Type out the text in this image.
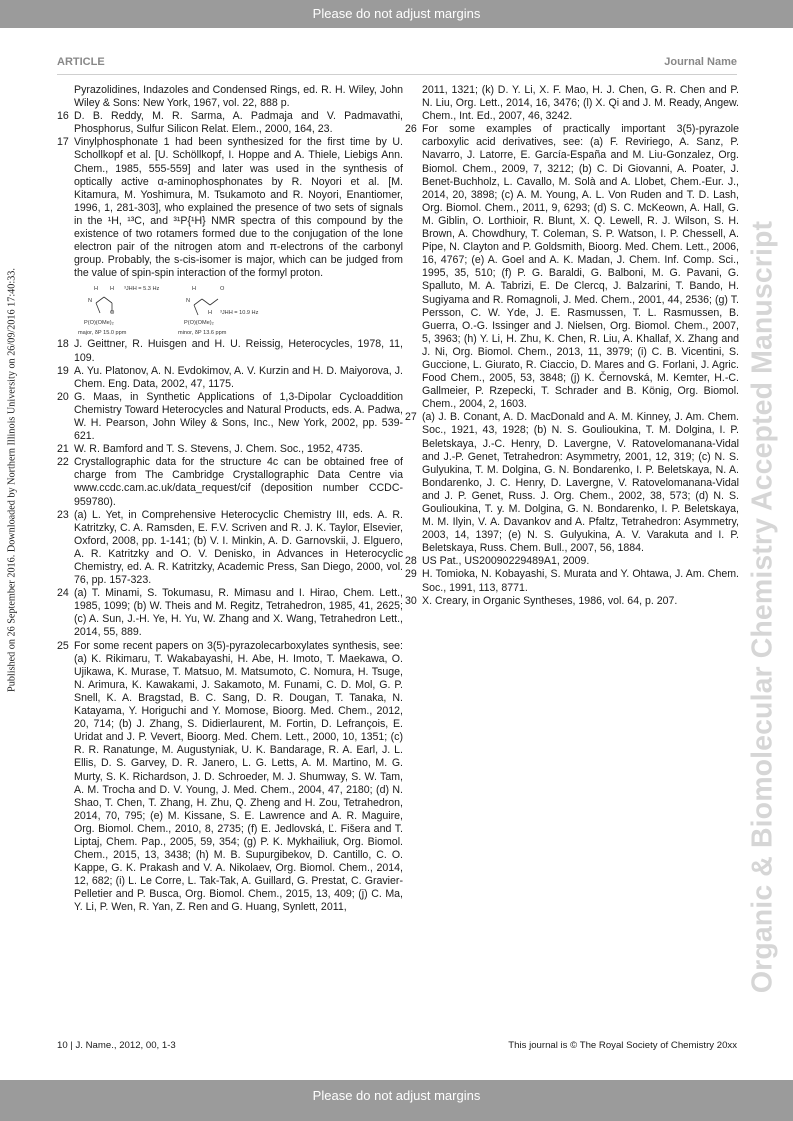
Please do not adjust margins
ARTICLE	Journal Name
Published on 26 September 2016. Downloaded by Northern Illinois University on 26/09/2016 17:40:33.	Organic & Biomolecular Chemistry Accepted Manuscript
Pyrazolidines, Indazoles and Condensed Rings, ed. R. H. Wiley, John Wiley & Sons: New York, 1967, vol. 22, 888 p.
16 D. B. Reddy, M. R. Sarma, A. Padmaja and V. Padmavathi, Phosphorus, Sulfur Silicon Relat. Elem., 2000, 164, 23.
17 Vinylphosphonate 1 had been synthesized for the first time by U. Schollkopf et al. [U. Schöllkopf, I. Hoppe and A. Thiele, Liebigs Ann. Chem., 1985, 555-559] and later was used in the synthesis of optically active α-aminophosphonates by R. Noyori et al. [M. Kitamura, M. Yoshimura, M. Tsukamoto and R. Noyori, Enantiomer, 1996, 1, 281-303], who explained the presence of two sets of signals in the ¹H, ¹³C, and ³¹P{¹H} NMR spectra of this compound by the existence of two rotamers formed due to the conjugation of the lone electron pair of the nitrogen atom and π-electrons of the carbonyl group. Probably, the s-cis-isomer is major, which can be judged from the value of spin-spin interaction of the formyl proton.
H H ³JHH = 5.3 Hz
N
O
P(O)(OMe)₂
major, δP 15.0 ppm
H	O
N
H ³JHH = 10.9 Hz
P(O)(OMe)₂
minor, δP 13.6 ppm
18 J. Geittner, R. Huisgen and H. U. Reissig, Heterocycles, 1978, 11, 109.
19 A. Yu. Platonov, A. N. Evdokimov, A. V. Kurzin and H. D. Maiyorova, J. Chem. Eng. Data, 2002, 47, 1175.
20 G. Maas, in Synthetic Applications of 1,3-Dipolar Cycloaddition Chemistry Toward Heterocycles and Natural Products, eds. A. Padwa, W. H. Pearson, John Wiley & Sons, Inc., New York, 2002, pp. 539-621.
21 W. R. Bamford and T. S. Stevens, J. Chem. Soc., 1952, 4735.
22 Crystallographic data for the structure 4c can be obtained free of charge from The Cambridge Crystallographic Data Centre via www.ccdc.cam.ac.uk/data_request/cif (deposition number CCDC-959780).
23 (a) L. Yet, in Comprehensive Heterocyclic Chemistry III, eds. A. R. Katritzky, C. A. Ramsden, E. F.V. Scriven and R. J. K. Taylor, Elsevier, Oxford, 2008, pp. 1-141; (b) V. I. Minkin, A. D. Garnovskii, J. Elguero, A. R. Katritzky and O. V. Denisko, in Advances in Heterocyclic Chemistry, ed. A. R. Katritzky, Academic Press, San Diego, 2000, vol. 76, pp. 157-323.
24 (a) T. Minami, S. Tokumasu, R. Mimasu and I. Hirao, Chem. Lett., 1985, 1099; (b) W. Theis and M. Regitz, Tetrahedron, 1985, 41, 2625; (c) A. Sun, J.-H. Ye, H. Yu, W. Zhang and X. Wang, Tetrahedron Lett., 2014, 55, 889.
25 For some recent papers on 3(5)-pyrazolecarboxylates synthesis, see: (a) K. Rikimaru, T. Wakabayashi, H. Abe, H. Imoto, T. Maekawa, O. Ujikawa, K. Murase, T. Matsuo, M. Matsumoto, C. Nomura, H. Tsuge, N. Arimura, K. Kawakami, J. Sakamoto, M. Funami, C. D. Mol, G. P. Snell, K. A. Bragstad, B. C. Sang, D. R. Dougan, T. Tanaka, N. Katayama, Y. Horiguchi and Y. Momose, Bioorg. Med. Chem., 2012, 20, 714; (b) J. Zhang, S. Didierlaurent, M. Fortin, D. Lefrançois, E. Uridat and J. P. Vevert, Bioorg. Med. Chem. Lett., 2000, 10, 1351; (c) R. R. Ranatunge, M. Augustyniak, U. K. Bandarage, R. A. Earl, J. L. Ellis, D. S. Garvey, D. R. Janero, L. G. Letts, A. M. Martino, M. G. Murty, S. K. Richardson, J. D. Schroeder, M. J. Shumway, S. W. Tam, A. M. Trocha and D. V. Young, J. Med. Chem., 2004, 47, 2180; (d) N. Shao, T. Chen, T. Zhang, H. Zhu, Q. Zheng and H. Zou, Tetrahedron, 2014, 70, 795; (e) M. Kissane, S. E. Lawrence and A. R. Maguire, Org. Biomol. Chem., 2010, 8, 2735; (f) E. Jedlovská, Ľ. Fišera and T. Liptaj, Chem. Pap., 2005, 59, 354; (g) P. K. Mykhailiuk, Org. Biomol. Chem., 2015, 13, 3438; (h) M. B. Supurgibekov, D. Cantillo, C. O. Kappe, G. K. Prakash and V. A. Nikolaev, Org. Biomol. Chem., 2014, 12, 682; (i) L. Le Corre, L. Tak-Tak, A. Guillard, G. Prestat, C. Gravier-Pelletier and P. Busca, Org. Biomol. Chem., 2015, 13, 409; (j) C. Ma, Y. Li, P. Wen, R. Yan, Z. Ren and G. Huang, Synlett, 2011,
2011, 1321; (k) D. Y. Li, X. F. Mao, H. J. Chen, G. R. Chen and P. N. Liu, Org. Lett., 2014, 16, 3476; (l) X. Qi and J. M. Ready, Angew. Chem., Int. Ed., 2007, 46, 3242.
26 For some examples of practically important 3(5)-pyrazole carboxylic acid derivatives, see: (a) F. Reviriego, A. Sanz, P. Navarro, J. Latorre, E. García-España and M. Liu-Gonzalez, Org. Biomol. Chem., 2009, 7, 3212; (b) C. Di Giovanni, A. Poater, J. Benet-Buchholz, L. Cavallo, M. Solà and A. Llobet, Chem.-Eur. J., 2014, 20, 3898; (c) A. M. Young, A. L. Von Ruden and T. D. Lash, Org. Biomol. Chem., 2011, 9, 6293; (d) S. C. McKeown, A. Hall, G. M. Giblin, O. Lorthioir, R. Blunt, X. Q. Lewell, R. J. Wilson, S. H. Brown, A. Chowdhury, T. Coleman, S. P. Watson, I. P. Chessell, A. Pipe, N. Clayton and P. Goldsmith, Bioorg. Med. Chem. Lett., 2006, 16, 4767; (e) A. Goel and A. K. Madan, J. Chem. Inf. Comp. Sci., 1995, 35, 510; (f) P. G. Baraldi, G. Balboni, M. G. Pavani, G. Spalluto, M. A. Tabrizi, E. De Clercq, J. Balzarini, T. Bando, H. Sugiyama and R. Romagnoli, J. Med. Chem., 2001, 44, 2536; (g) T. Persson, C. W. Yde, J. E. Rasmussen, T. L. Rasmussen, B. Guerra, O.-G. Issinger and J. Nielsen, Org. Biomol. Chem., 2007, 5, 3963; (h) Y. Li, H. Zhu, K. Chen, R. Liu, A. Khallaf, X. Zhang and J. Ni, Org. Biomol. Chem., 2013, 11, 3979; (i) C. B. Vicentini, S. Guccione, L. Giurato, R. Ciaccio, D. Mares and G. Forlani, J. Agric. Food Chem., 2005, 53, 3848; (j) K. Černovská, M. Kemter, H.-C. Gallmeier, P. Rzepecki, T. Schrader and B. König, Org. Biomol. Chem., 2004, 2, 1603.
27 (a) J. B. Conant, A. D. MacDonald and A. M. Kinney, J. Am. Chem. Soc., 1921, 43, 1928; (b) N. S. Goulioukina, T. M. Dolgina, I. P. Beletskaya, J.-C. Henry, D. Lavergne, V. Ratovelomanana-Vidal and J.-P. Genet, Tetrahedron: Asymmetry, 2001, 12, 319; (c) N. S. Gulyukina, T. M. Dolgina, G. N. Bondarenko, I. P. Beletskaya, N. A. Bondarenko, J. C. Henry, D. Lavergne, V. Ratovelomanana-Vidal and J. P. Genet, Russ. J. Org. Chem., 2002, 38, 573; (d) N. S. Goulioukina, T. y. M. Dolgina, G. N. Bondarenko, I. P. Beletskaya, M. M. Ilyin, V. A. Davankov and A. Pfaltz, Tetrahedron: Asymmetry, 2003, 14, 1397; (e) N. S. Gulyukina, A. V. Varakuta and I. P. Beletskaya, Russ. Chem. Bull., 2007, 56, 1884.
28 US Pat., US20090229489A1, 2009.
29 H. Tomioka, N. Kobayashi, S. Murata and Y. Ohtawa, J. Am. Chem. Soc., 1991, 113, 8771.
30 X. Creary, in Organic Syntheses, 1986, vol. 64, p. 207.
10 | J. Name., 2012, 00, 1-3	This journal is © The Royal Society of Chemistry 20xx
Please do not adjust margins
